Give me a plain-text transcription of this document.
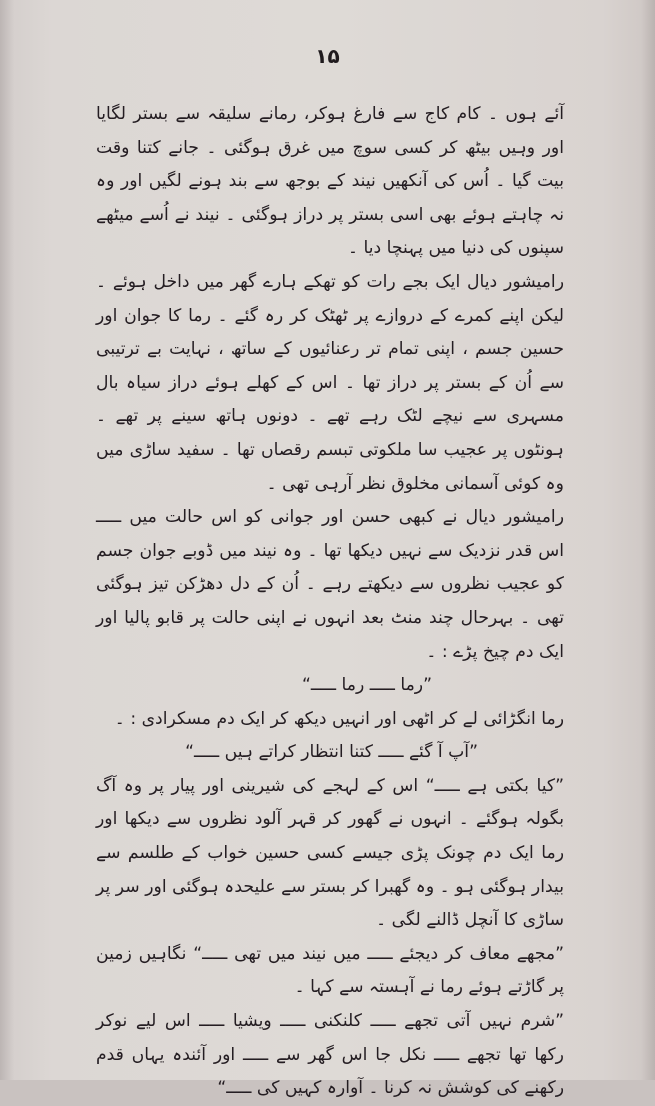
۱۵

آئے ہوں ۔ کام کاج سے فارغ ہوکر، رمانے سلیقہ سے بستر لگایا اور وہیں بیٹھ کر کسی سوچ میں غرق ہوگئی ۔ جانے کتنا وقت بیت گیا ۔ اُس کی آنکھیں نیند کے بوجھ سے بند ہونے لگیں اور وہ نہ چاہتے ہوئے بھی اسی بستر پر دراز ہوگئی ۔ نیند نے اُسے میٹھے سپنوں کی دنیا میں پہنچا دیا ۔

رامیشور دیال ایک بجے رات کو تھکے ہارے گھر میں داخل ہوئے ۔ لیکن اپنے کمرے کے دروازے پر ٹھٹک کر رہ گئے ۔ رما کا جوان اور حسین جسم ، اپنی تمام تر رعنائیوں کے ساتھ ، نہایت بے ترتیبی سے اُن کے بستر پر دراز تھا ۔ اس کے کھلے ہوئے دراز سیاہ بال مسہری سے نیچے لٹک رہے تھے ۔ دونوں ہاتھ سینے پر تھے ۔ ہونٹوں پر عجیب سا ملکوتی تبسم رقصاں تھا ۔ سفید ساڑی میں وہ کوئی آسمانی مخلوق نظر آرہی تھی ۔

رامیشور دیال نے کبھی حسن اور جوانی کو اس حالت میں ـــــ اس قدر نزدیک سے نہیں دیکھا تھا ۔ وہ نیند میں ڈوبے جوان جسم کو عجیب نظروں سے دیکھتے رہے ۔ اُن کے دل دھڑکن تیز ہوگئی تھی ۔ بہرحال چند منٹ بعد انہوں نے اپنی حالت پر قابو پالیا اور ایک دم چیخ پڑے : ۔

”رما ـــــ رما ـــــ“

رما انگڑائی لے کر اٹھی اور انہیں دیکھ کر ایک دم مسکرادی : ۔

”آپ آ گئے ـــــ کتنا انتظار کراتے ہیں ـــــ“

”کیا بکتی ہے ـــــ“ اس کے لہجے کی شیرینی اور پیار پر وہ آگ بگولہ ہوگئے ۔ انہوں نے گھور کر قہر آلود نظروں سے دیکھا اور رما ایک دم چونک پڑی جیسے کسی حسین خواب کے طلسم سے بیدار ہوگئی ہو ۔ وہ گھبرا کر بستر سے علیحدہ ہوگئی اور سر پر ساڑی کا آنچل ڈالنے لگی ۔

”مجھے معاف کر دیجئے ـــــ میں نیند میں تھی ـــــ“ نگاہیں زمین پر گاڑتے ہوئے رما نے آہستہ سے کہا ۔

”شرم نہیں آتی تجھے ـــــ کلنکنی ـــــ ویشیا ـــــ اس لیے نوکر رکھا تھا تجھے ـــــ نکل جا اس گھر سے ـــــ اور آئندہ یہاں قدم رکھنے کی کوشش نہ کرنا ۔ آوارہ کہیں کی ـــــ“
